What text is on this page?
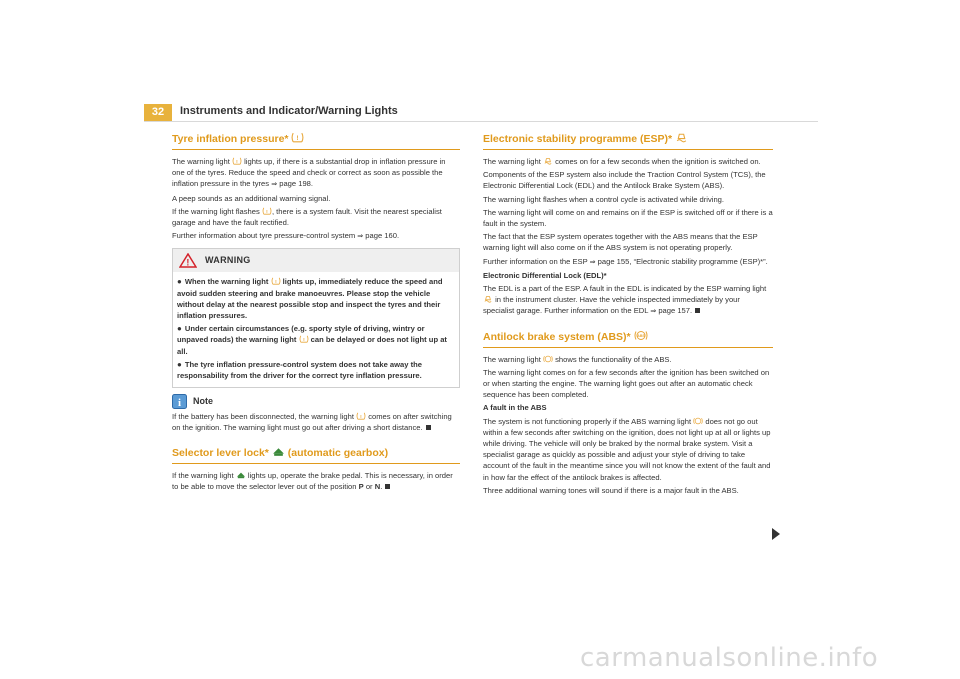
32	Instruments and Indicator/Warning Lights
Tyre inflation pressure* !

The warning light ! lights up, if there is a substantial drop in inflation pressure in one of the tyres. Reduce the speed and check or correct as soon as possible the inflation pressure in the tyres ⇒ page 198.

A peep sounds as an additional warning signal.

If the warning light flashes ! , there is a system fault. Visit the nearest specialist garage and have the fault rectified.

Further information about tyre pressure-control system ⇒ page 160.

! WARNING
● When the warning light ! lights up, immediately reduce the speed and avoid sudden steering and brake manoeuvres. Please stop the vehicle without delay at the nearest possible stop and inspect the tyres and their inflation pressures.
● Under certain circumstances (e.g. sporty style of driving, wintry or unpaved roads) the warning light ! can be delayed or does not light up at all.
● The tyre inflation pressure-control system does not take away the responsability from the driver for the correct tyre inflation pressure.
i Note

If the battery has been disconnected, the warning light ! comes on after switching on the ignition. The warning light must go out after driving a short distance.

Selector lever lock* (automatic gearbox)

If the warning light lights up, operate the brake pedal. This is necessary, in order to be able to move the selector lever out of the position P or N.

Electronic stability programme (ESP)*

The warning light comes on for a few seconds when the ignition is switched on.

Components of the ESP system also include the Traction Control System (TCS), the Electronic Differential Lock (EDL) and the Antilock Brake System (ABS).

The warning light flashes when a control cycle is activated while driving.

The warning light will come on and remains on if the ESP is switched off or if there is a fault in the system.

The fact that the ESP system operates together with the ABS means that the ESP warning light will also come on if the ABS system is not operating properly.

Further information on the ESP ⇒ page 155, “Electronic stability programme (ESP)*”.

Electronic Differential Lock (EDL)*

The EDL is a part of the ESP. A fault in the EDL is indicated by the ESP warning light  in the instrument cluster. Have the vehicle inspected immediately by your specialist garage. Further information on the EDL ⇒ page 157.

Antilock brake system (ABS)* ABS

The warning light shows the functionality of the ABS.

The warning light comes on for a few seconds after the ignition has been switched on or when starting the engine. The warning light goes out after an automatic check sequence has been completed.

A fault in the ABS

The system is not functioning properly if the ABS warning light does not go out within a few seconds after switching on the ignition, does not light up at all or lights up while driving. The vehicle will only be braked by the normal brake system. Visit a specialist garage as quickly as possible and adjust your style of driving to take account of the fault in the meantime since you will not know the extent of the fault and in how far the effect of the antilock brakes is affected.

Three additional warning tones will sound if there is a major fault in the ABS.

carmanualsonline.info
